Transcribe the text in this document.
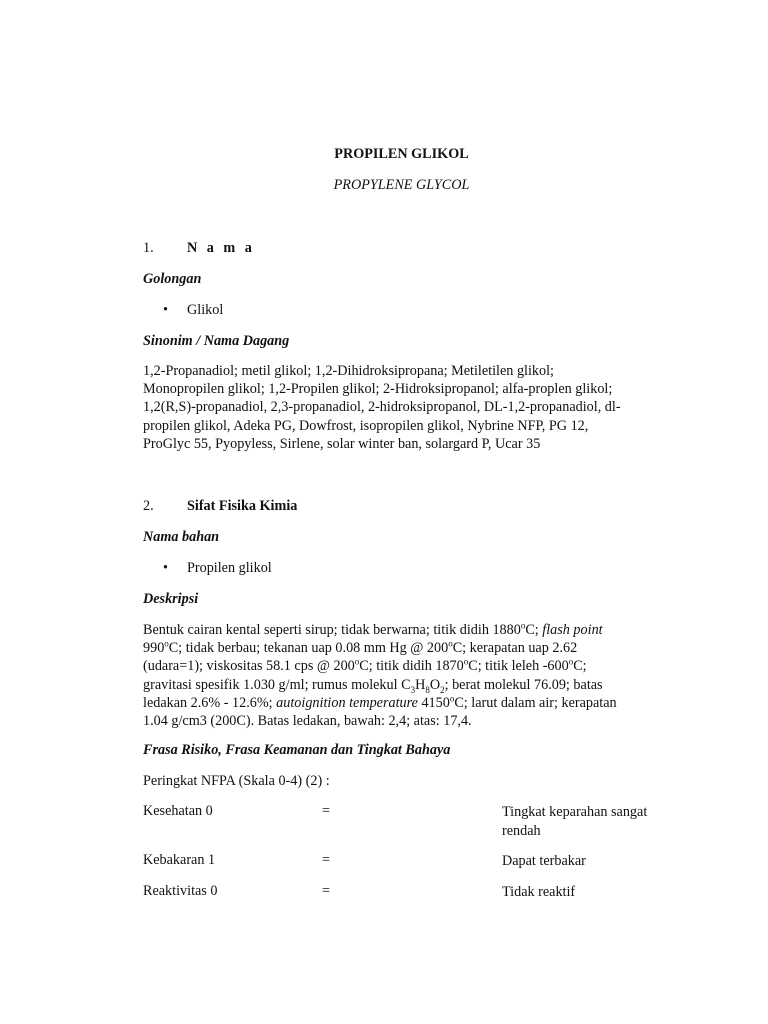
PROPILEN GLIKOL
PROPYLENE GLYCOL
1. N a m a
Golongan
• Glikol
Sinonim / Nama Dagang
1,2-Propanadiol; metil glikol; 1,2-Dihidroksipropana; Metiletilen glikol;
Monopropilen glikol; 1,2-Propilen glikol; 2-Hidroksipropanol; alfa-proplen glikol;
1,2(R,S)-propanadiol, 2,3-propanadiol, 2-hidroksipropanol, DL-1,2-propanadiol, dl-
propilen glikol, Adeka PG, Dowfrost, isopropilen glikol, Nybrine NFP, PG 12,
ProGlyc 55, Pyopyless, Sirlene, solar winter ban, solargard P, Ucar 35
2. Sifat Fisika Kimia
Nama bahan
• Propilen glikol
Deskripsi
Bentuk cairan kental seperti sirup; tidak berwarna; titik didih 1880$^o$C; flash point
990$^o$C; tidak berbau; tekanan uap 0.08 mm Hg @ 200$^o$C; kerapatan uap 2.62
(udara=1); viskositas 58.1 cps @ 200$^o$C; titik didih 1870$^o$C; titik leleh -600$^o$C;
gravitasi spesifik 1.030 g/ml; rumus molekul $C_3H_8O_2$; berat molekul 76.09; batas
ledakan 2.6% - 12.6%; autoignition temperature 4150$^o$C; larut dalam air; kerapatan
1.04 g/cm3 (200C). Batas ledakan, bawah: 2,4; atas: 17,4.
Frasa Risiko, Frasa Keamanan dan Tingkat Bahaya
Peringkat NFPA (Skala 0-4) (2) :
Kesehatan 0	=	Tingkat keparahan sangat rendah
Kebakaran 1	=	Dapat terbakar
Reaktivitas 0	=	Tidak reaktif
